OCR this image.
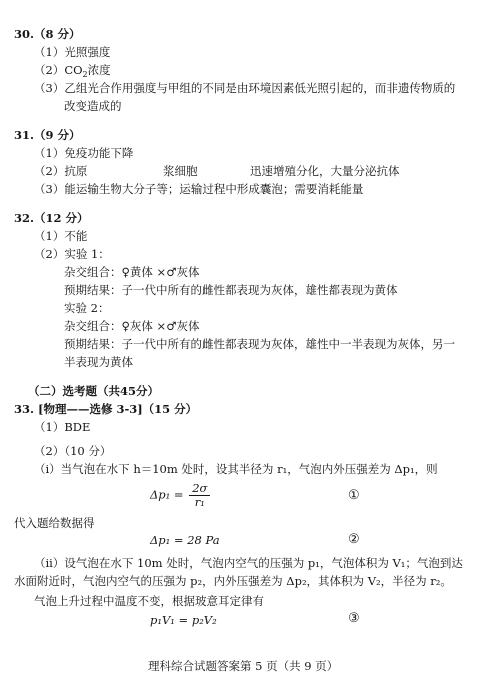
30.（8 分）
（1）光照强度
$(2)CO_2$浓度
（3）乙组光合作用强度与甲组的不同是由环境因素低光照引起的，而非遗传物质的
改变造成的
31.（9 分）
（1）免疫功能下降
（2）抗原	浆细胞	迅速增殖分化，大量分泌抗体
（3）能运输生物大分子等；运输过程中形成囊泡；需要消耗能量
32.（12 分）
（1）不能
（2）实验 1：
杂交组合：♀黄体 ×♂灰体
预期结果：子一代中所有的雌性都表现为灰体，雄性都表现为黄体
实验 2：
杂交组合：♀灰体 ×♂灰体
预期结果：子一代中所有的雌性都表现为灰体，雄性中一半表现为灰体，另一
半表现为黄体
（二）选考题（共45分）
33. [物理——选修 3-3]（15 分）
（1）BDE
（2）（10 分）
（i）当气泡在水下 h＝10m 处时，设其半径为 r₁，气泡内外压强差为 Δp₁，则
$\Delta p_1 = \frac{2\sigma}{\text{r₁}}$	①
代入题给数据得
Δp₁ = 28 Pa	②
（ii）设气泡在水下 10m 处时，气泡内空气的压强为 p₁，气泡体积为 V₁；气泡到达
水面附近时，气泡内空气的压强为 p₂，内外压强差为 Δp₂，其体积为 V₂，半径为 r₂。
气泡上升过程中温度不变，根据玻意耳定律有
p₁V₁ = p₂V₂	③
理科综合试题答案第 5 页（共 9 页）
